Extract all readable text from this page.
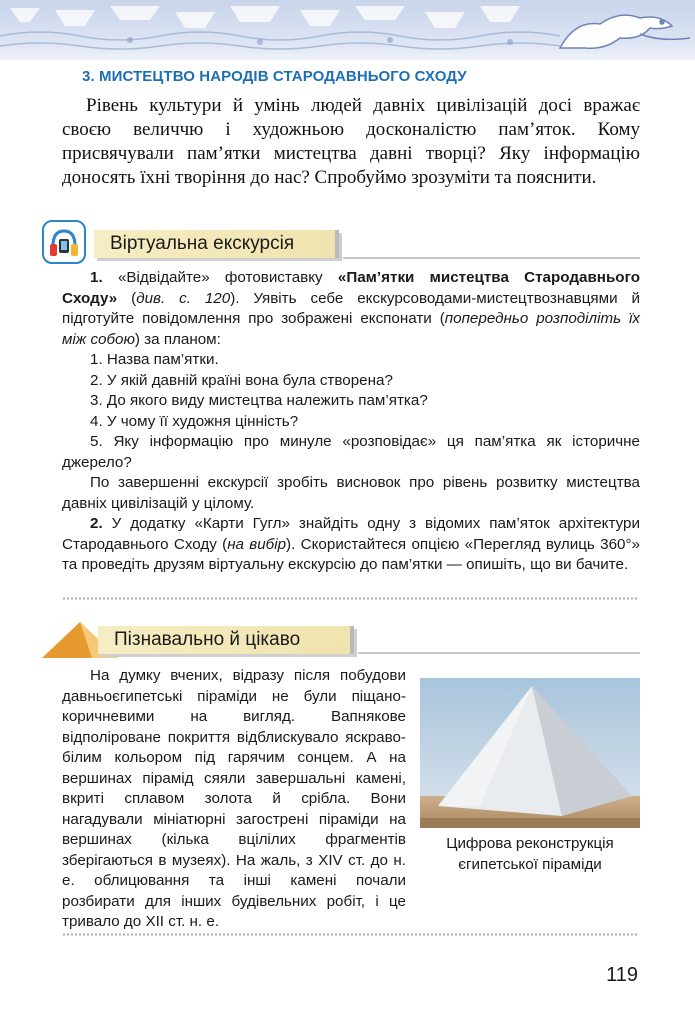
3. МИСТЕЦТВО НАРОДІВ СТАРОДАВНЬОГО СХОДУ

Рівень культури й умінь людей давніх цивілізацій досі вражає своєю величчю і художньою досконалістю пам’яток. Кому присвячували пам’ятки мистецтва давні творці? Яку інформацію доносять їхні творіння до нас? Спробуймо зрозуміти та пояснити.

Віртуальна екскурсія

1. «Відвідайте» фотовиставку «Пам’ятки мистецтва Стародавнього Сходу» (див. с. 120). Уявіть себе екскурсоводами-мистецтвознавцями й підготуйте повідомлення про зображені експонати (попередньо розподіліть їх між собою) за планом:

1. Назва пам’ятки.

2. У якій давній країні вона була створена?

3. До якого виду мистецтва належить пам’ятка?

4. У чому її художня цінність?

5. Яку інформацію про минуле «розповідає» ця пам’ятка як історичне джерело?

По завершенні екскурсії зробіть висновок про рівень розвитку мистецтва давніх цивілізацій у цілому.

2. У додатку «Карти Гугл» знайдіть одну з відомих пам’яток архітектури Стародавнього Сходу (на вибір). Скористайтеся опцією «Перегляд вулиць 360°» та проведіть друзям віртуальну екскурсію до пам’ятки — опишіть, що ви бачите.

Пізнавально й цікаво

На думку вчених, відразу після побудови давньоєгипетські піраміди не були піщано-коричневими на вигляд. Вапнякове відполіроване покриття відблискувало яскраво-білим кольором під гарячим сонцем. А на вершинах пірамід сяяли завершальні камені, вкриті сплавом золота й срібла. Вони нагадували мініатюрні загострені піраміди на вершинах (кілька вцілілих фрагментів зберігаються в музеях). На жаль, з XIV ст. до н. е. облицювання та інші камені почали розбирати для інших будівельних робіт, і це тривало до XII ст. н. е.

Цифрова реконструкція єгипетської піраміди
119
